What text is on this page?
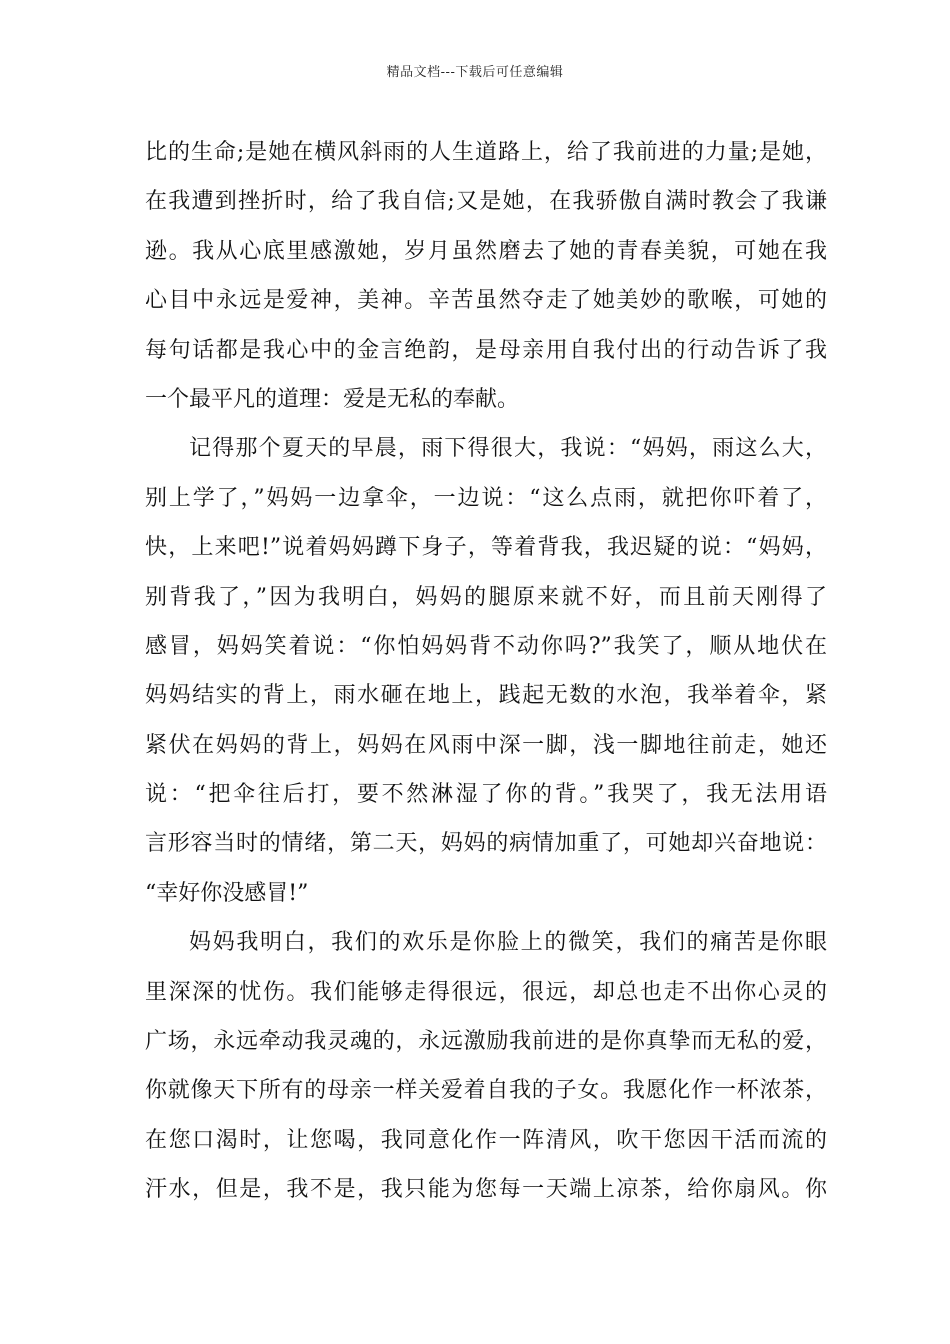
精品文档---下载后可任意编辑
比的生命;是她在横风斜雨的人生道路上，给了我前进的力量;是她，
在我遭到挫折时，给了我自信;又是她，在我骄傲自满时教会了我谦
逊。我从心底里感激她，岁月虽然磨去了她的青春美貌，可她在我
心目中永远是爱神，美神。辛苦虽然夺走了她美妙的歌喉，可她的
每句话都是我心中的金言绝韵，是母亲用自我付出的行动告诉了我
一个最平凡的道理：爱是无私的奉献。
记得那个夏天的早晨，雨下得很大，我说：“妈妈，雨这么大，
别上学了，”妈妈一边拿伞，一边说：“这么点雨，就把你吓着了，
快，上来吧!”说着妈妈蹲下身子，等着背我，我迟疑的说：“妈妈，
别背我了，”因为我明白，妈妈的腿原来就不好，而且前天刚得了
感冒，妈妈笑着说：“你怕妈妈背不动你吗?”我笑了，顺从地伏在
妈妈结实的背上，雨水砸在地上，践起无数的水泡，我举着伞，紧
紧伏在妈妈的背上，妈妈在风雨中深一脚，浅一脚地往前走，她还
说：“把伞往后打，要不然淋湿了你的背。”我哭了，我无法用语
言形容当时的情绪，第二天，妈妈的病情加重了，可她却兴奋地说：
“幸好你没感冒!”
妈妈我明白，我们的欢乐是你脸上的微笑，我们的痛苦是你眼
里深深的忧伤。我们能够走得很远，很远，却总也走不出你心灵的
广场，永远牵动我灵魂的，永远激励我前进的是你真挚而无私的爱，
你就像天下所有的母亲一样关爱着自我的子女。我愿化作一杯浓茶，
在您口渴时，让您喝，我同意化作一阵清风，吹干您因干活而流的
汗水，但是，我不是，我只能为您每一天端上凉茶，给你扇风。你
